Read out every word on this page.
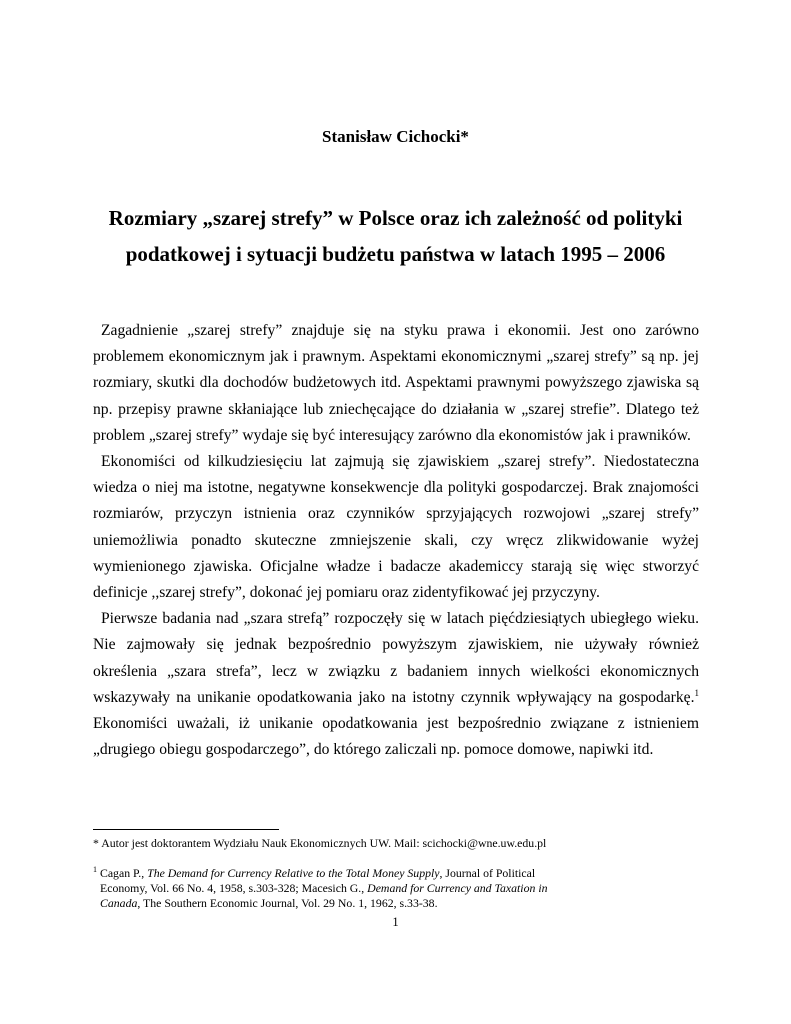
Stanisław Cichocki*
Rozmiary „szarej strefy” w Polsce oraz ich zależność od polityki
podatkowej i sytuacji budżetu państwa w latach 1995 – 2006

Zagadnienie „szarej strefy” znajduje się na styku prawa i ekonomii. Jest ono zarówno problemem ekonomicznym jak i prawnym. Aspektami ekonomicznymi „szarej strefy” są np. jej rozmiary, skutki dla dochodów budżetowych itd. Aspektami prawnymi powyższego zjawiska są np. przepisy prawne skłaniające lub zniechęcające do działania w „szarej strefie”. Dlatego też problem „szarej strefy” wydaje się być interesujący zarówno dla ekonomistów jak i prawników.

Ekonomiści od kilkudziesięciu lat zajmują się zjawiskiem „szarej strefy”. Niedostateczna wiedza o niej ma istotne, negatywne konsekwencje dla polityki gospodarczej. Brak znajomości rozmiarów, przyczyn istnienia oraz czynników sprzyjających rozwojowi „szarej strefy” uniemożliwia ponadto skuteczne zmniejszenie skali, czy wręcz zlikwidowanie wyżej wymienionego zjawiska. Oficjalne władze i badacze akademiccy starają się więc stworzyć definicje ,,szarej strefy”, dokonać jej pomiaru oraz zidentyfikować jej przyczyny.

Pierwsze badania nad „szara strefą” rozpoczęły się w latach pięćdziesiątych ubiegłego wieku. Nie zajmowały się jednak bezpośrednio powyższym zjawiskiem, nie używały również określenia „szara strefa”, lecz w związku z badaniem innych wielkości ekonomicznych wskazywały na unikanie opodatkowania jako na istotny czynnik wpływający na gospodarkę.$^1$ Ekonomiści uważali, iż unikanie opodatkowania jest bezpośrednio związane z istnieniem „drugiego obiegu gospodarczego”, do którego zaliczali np. pomoce domowe, napiwki itd.

* Autor jest doktorantem Wydziału Nauk Ekonomicznych UW. Mail: scichocki@wne.uw.edu.pl
$^1$ Cagan P., The Demand for Currency Relative to the Total Money Supply, Journal of Political
Economy, Vol. 66 No. 4, 1958, s.303-328; Macesich G., Demand for Currency and Taxation in
Canada, The Southern Economic Journal, Vol. 29 No. 1, 1962, s.33-38.
1
